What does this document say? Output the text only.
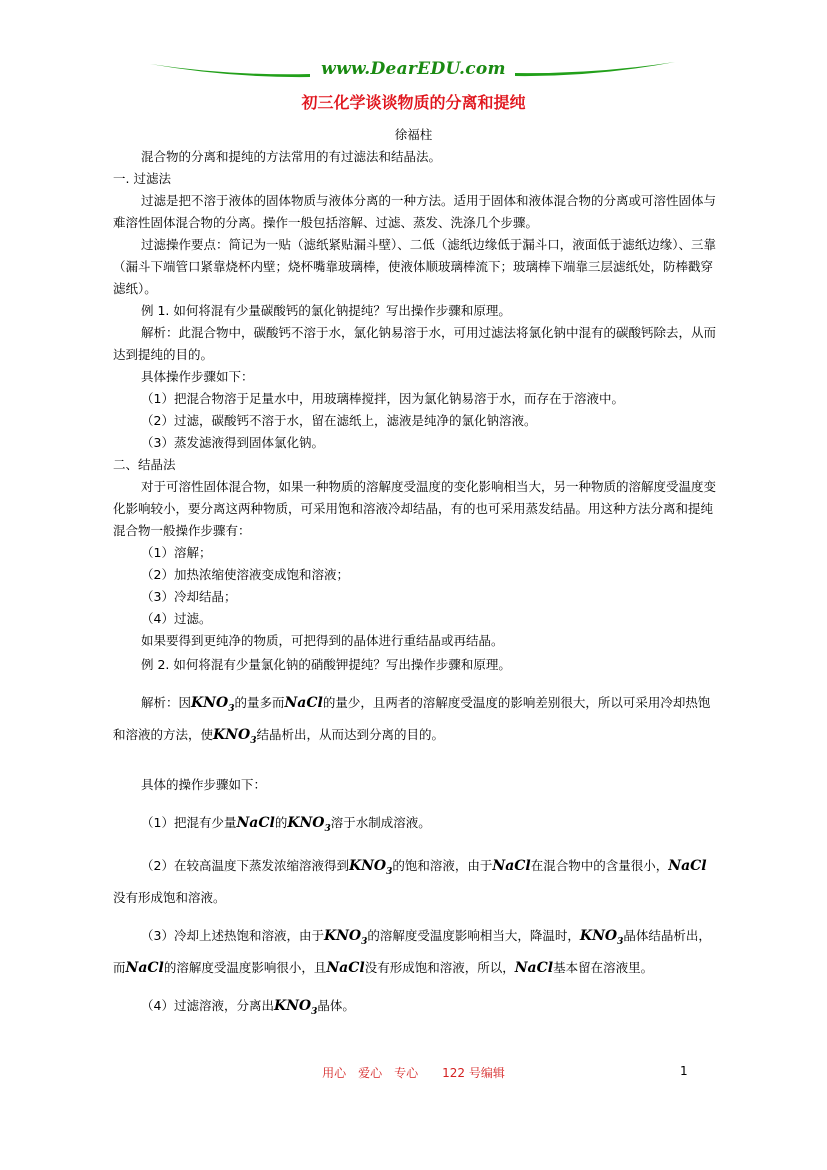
www.DearEDU.com
初三化学谈谈物质的分离和提纯
徐福柱

混合物的分离和提纯的方法常用的有过滤法和结晶法。

一. 过滤法

过滤是把不溶于液体的固体物质与液体分离的一种方法。适用于固体和液体混合物的分离或可溶性固体与难溶性固体混合物的分离。操作一般包括溶解、过滤、蒸发、洗涤几个步骤。

过滤操作要点：简记为一贴（滤纸紧贴漏斗壁）、二低（滤纸边缘低于漏斗口，液面低于滤纸边缘）、三靠（漏斗下端管口紧靠烧杯内壁；烧杯嘴靠玻璃棒，使液体顺玻璃棒流下；玻璃棒下端靠三层滤纸处，防棒戳穿滤纸）。

例 1. 如何将混有少量碳酸钙的氯化钠提纯？写出操作步骤和原理。

解析：此混合物中，碳酸钙不溶于水，氯化钠易溶于水，可用过滤法将氯化钠中混有的碳酸钙除去，从而达到提纯的目的。

具体操作步骤如下：

（1）把混合物溶于足量水中，用玻璃棒搅拌，因为氯化钠易溶于水，而存在于溶液中。

（2）过滤，碳酸钙不溶于水，留在滤纸上，滤液是纯净的氯化钠溶液。

（3）蒸发滤液得到固体氯化钠。

二、结晶法

对于可溶性固体混合物，如果一种物质的溶解度受温度的变化影响相当大，另一种物质的溶解度受温度变化影响较小，要分离这两种物质，可采用饱和溶液冷却结晶，有的也可采用蒸发结晶。用这种方法分离和提纯混合物一般操作步骤有：

（1）溶解；

（2）加热浓缩使溶液变成饱和溶液；

（3）冷却结晶；

（4）过滤。

如果要得到更纯净的物质，可把得到的晶体进行重结晶或再结晶。

例 2. 如何将混有少量氯化钠的硝酸钾提纯？写出操作步骤和原理。

解析：因$KNO_3$的量多而NaCl的量少，且两者的溶解度受温度的影响差别很大，所以可采用冷却热饱和溶液的方法，使$KNO_3$结晶析出，从而达到分离的目的。

具体的操作步骤如下：

（1）把混有少量NaCl的$KNO_3$溶于水制成溶液。

（2）在较高温度下蒸发浓缩溶液得到$KNO_3$的饱和溶液，由于NaCl在混合物中的含量很小，NaCl没有形成饱和溶液。

（3）冷却上述热饱和溶液，由于$KNO_3$的溶解度受温度影响相当大，降温时，$KNO_3$晶体结晶析出，而NaCl的溶解度受温度影响很小，且NaCl没有形成饱和溶液，所以，NaCl基本留在溶液里。

（4）过滤溶液，分离出$KNO_3$晶体。

用心 爱心 专心 122 号编辑	1
